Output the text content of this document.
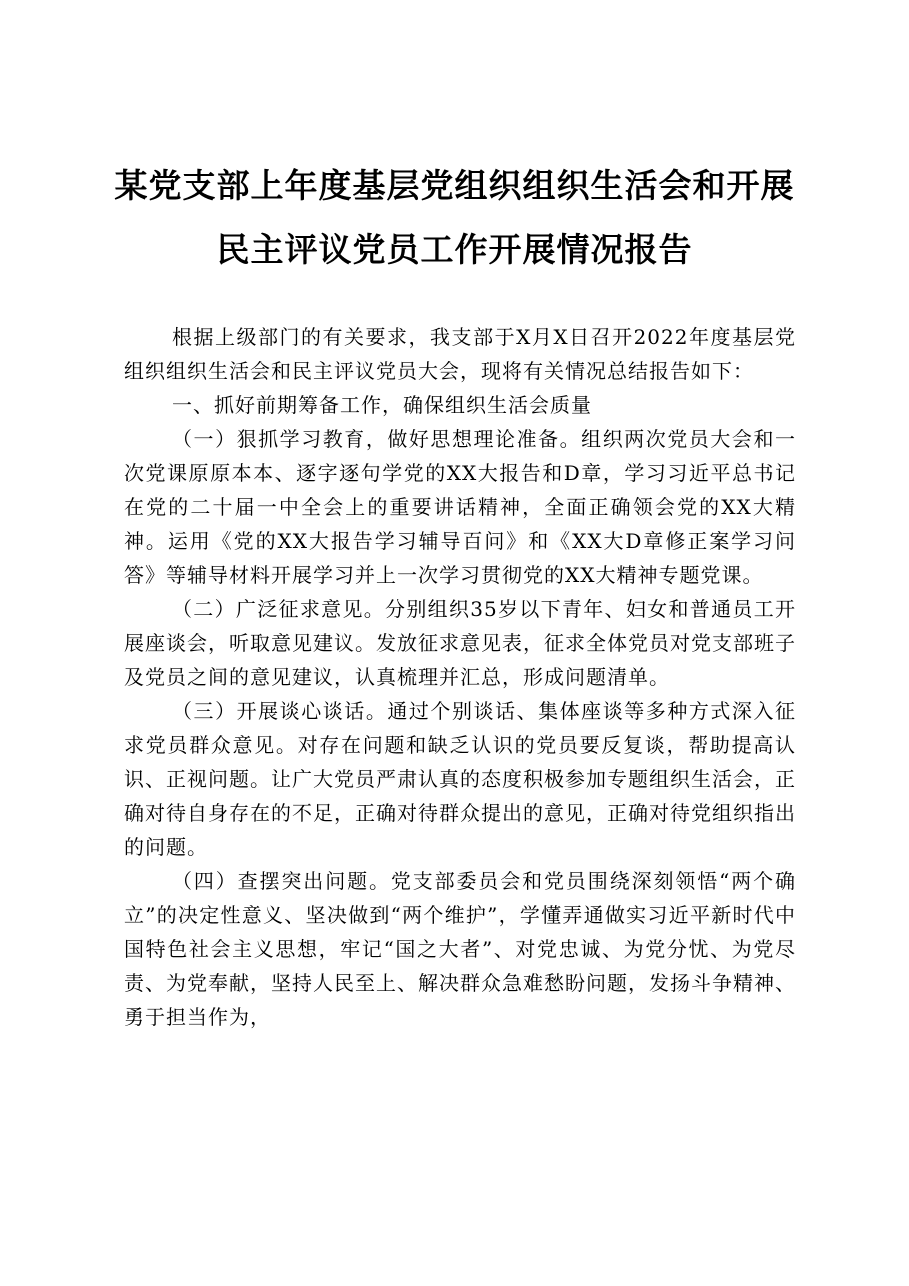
某党支部上年度基层党组织组织生活会和开展
民主评议党员工作开展情况报告

根据上级部门的有关要求，我支部于X月X日召开2022年度基层党组织组织生活会和民主评议党员大会，现将有关情况总结报告如下：

一、抓好前期筹备工作，确保组织生活会质量

（一）狠抓学习教育，做好思想理论准备。组织两次党员大会和一次党课原原本本、逐字逐句学党的XX大报告和D章，学习习近平总书记在党的二十届一中全会上的重要讲话精神，全面正确领会党的XX大精神。运用《党的XX大报告学习辅导百问》和《XX大D章修正案学习问答》等辅导材料开展学习并上一次学习贯彻党的XX大精神专题党课。

（二）广泛征求意见。分别组织35岁以下青年、妇女和普通员工开展座谈会，听取意见建议。发放征求意见表，征求全体党员对党支部班子及党员之间的意见建议，认真梳理并汇总，形成问题清单。

（三）开展谈心谈话。通过个别谈话、集体座谈等多种方式深入征求党员群众意见。对存在问题和缺乏认识的党员要反复谈，帮助提高认识、正视问题。让广大党员严肃认真的态度积极参加专题组织生活会，正确对待自身存在的不足，正确对待群众提出的意见，正确对待党组织指出的问题。

（四）查摆突出问题。党支部委员会和党员围绕深刻领悟“两个确立”的决定性意义、坚决做到“两个维护”，学懂弄通做实习近平新时代中国特色社会主义思想，牢记“国之大者”、对党忠诚、为党分忧、为党尽责、为党奉献，坚持人民至上、解决群众急难愁盼问题，发扬斗争精神、勇于担当作为，
